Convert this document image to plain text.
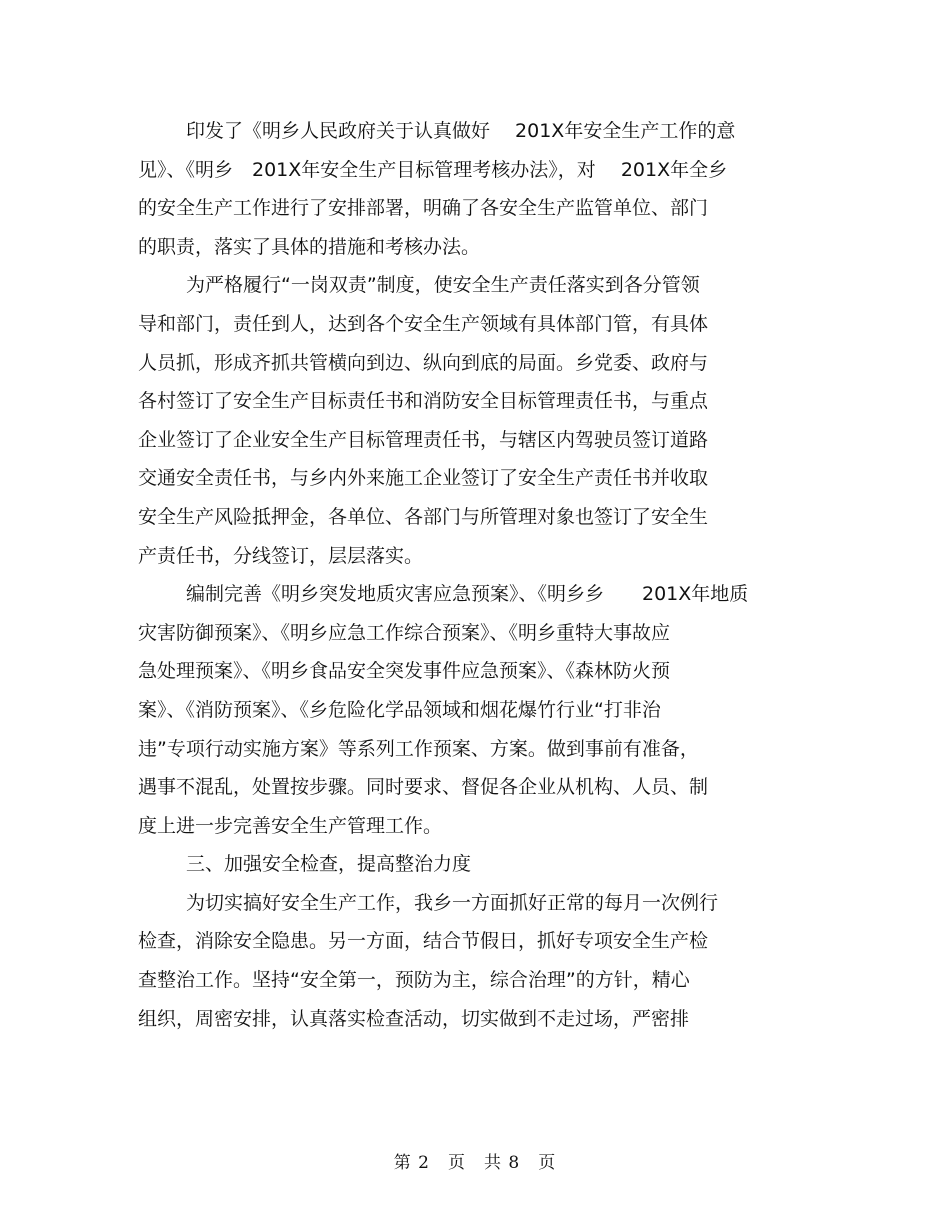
印发了《明乡人民政府关于认真做好　 201X年安全生产工作的意
见》、《明乡　201X年安全生产目标管理考核办法》，对　 201X年全乡
的安全生产工作进行了安排部署，明确了各安全生产监管单位、部门
的职责，落实了具体的措施和考核办法。
为严格履行“一岗双责”制度，使安全生产责任落实到各分管领
导和部门，责任到人，达到各个安全生产领域有具体部门管，有具体
人员抓，形成齐抓共管横向到边、纵向到底的局面。乡党委、政府与
各村签订了安全生产目标责任书和消防安全目标管理责任书，与重点
企业签订了企业安全生产目标管理责任书，与辖区内驾驶员签订道路
交通安全责任书，与乡内外来施工企业签订了安全生产责任书并收取
安全生产风险抵押金，各单位、各部门与所管理对象也签订了安全生
产责任书，分线签订，层层落实。
编制完善《明乡突发地质灾害应急预案》、《明乡乡　　201X年地质
灾害防御预案》、《明乡应急工作综合预案》、《明乡重特大事故应
急处理预案》、《明乡食品安全突发事件应急预案》、《森林防火预
案》、《消防预案》、《乡危险化学品领域和烟花爆竹行业“打非治
违”专项行动实施方案》等系列工作预案、方案。做到事前有准备，
遇事不混乱，处置按步骤。同时要求、督促各企业从机构、人员、制
度上进一步完善安全生产管理工作。
三、加强安全检查，提高整治力度
为切实搞好安全生产工作，我乡一方面抓好正常的每月一次例行
检查，消除安全隐患。另一方面，结合节假日，抓好专项安全生产检
查整治工作。坚持“安全第一，预防为主，综合治理”的方针，精心
组织，周密安排，认真落实检查活动，切实做到不走过场，严密排
第 2　页　共 8　页
